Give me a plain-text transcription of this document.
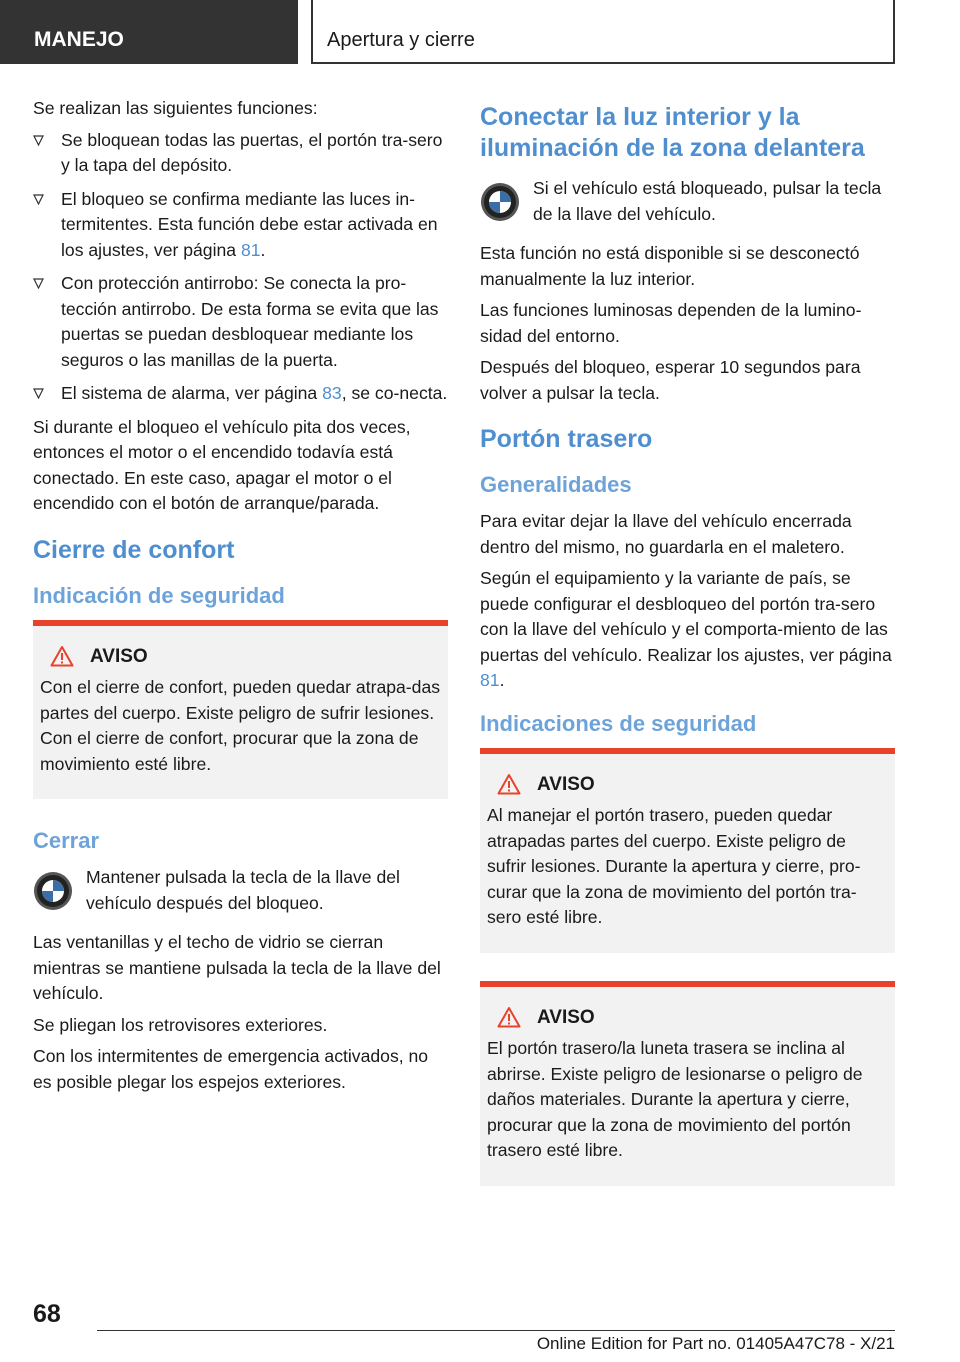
MANEJO	Apertura y cierre

Se realizan las siguientes funciones:

Se bloquean todas las puertas, el portón tra‐sero y la tapa del depósito.
El bloqueo se confirma mediante las luces in‐termitentes. Esta función debe estar activada en los ajustes, ver página 81.
Con protección antirrobo: Se conecta la pro‐tección antirrobo. De esta forma se evita que las puertas se puedan desbloquear mediante los seguros o las manillas de la puerta.
El sistema de alarma, ver página 83, se co‐necta.

Si durante el bloqueo el vehículo pita dos veces, entonces el motor o el encendido todavía está conectado. En este caso, apagar el motor o el encendido con el botón de arranque/parada.

Cierre de confort
Indicación de seguridad
AVISO

Con el cierre de confort, pueden quedar atrapa‐das partes del cuerpo. Existe peligro de sufrir lesiones. Con el cierre de confort, procurar que la zona de movimiento esté libre.

Cerrar
Mantener pulsada la tecla de la llave del vehículo después del bloqueo.

Las ventanillas y el techo de vidrio se cierran mientras se mantiene pulsada la tecla de la llave del vehículo.

Se pliegan los retrovisores exteriores.

Con los intermitentes de emergencia activados, no es posible plegar los espejos exteriores.

Conectar la luz interior y la iluminación de la zona delantera
Si el vehículo está bloqueado, pulsar la tecla de la llave del vehículo.

Esta función no está disponible si se desconectó manualmente la luz interior.

Las funciones luminosas dependen de la lumino‐sidad del entorno.

Después del bloqueo, esperar 10 segundos para volver a pulsar la tecla.

Portón trasero
Generalidades

Para evitar dejar la llave del vehículo encerrada dentro del mismo, no guardarla en el maletero.

Según el equipamiento y la variante de país, se puede configurar el desbloqueo del portón tra‐sero con la llave del vehículo y el comporta‐miento de las puertas del vehículo. Realizar los ajustes, ver página 81.

Indicaciones de seguridad
AVISO

Al manejar el portón trasero, pueden quedar atrapadas partes del cuerpo. Existe peligro de sufrir lesiones. Durante la apertura y cierre, pro‐curar que la zona de movimiento del portón tra‐sero esté libre.

AVISO

El portón trasero/la luneta trasera se inclina al abrirse. Existe peligro de lesionarse o peligro de daños materiales. Durante la apertura y cierre, procurar que la zona de movimiento del portón trasero esté libre.

68
Online Edition for Part no. 01405A47C78 - X/21
